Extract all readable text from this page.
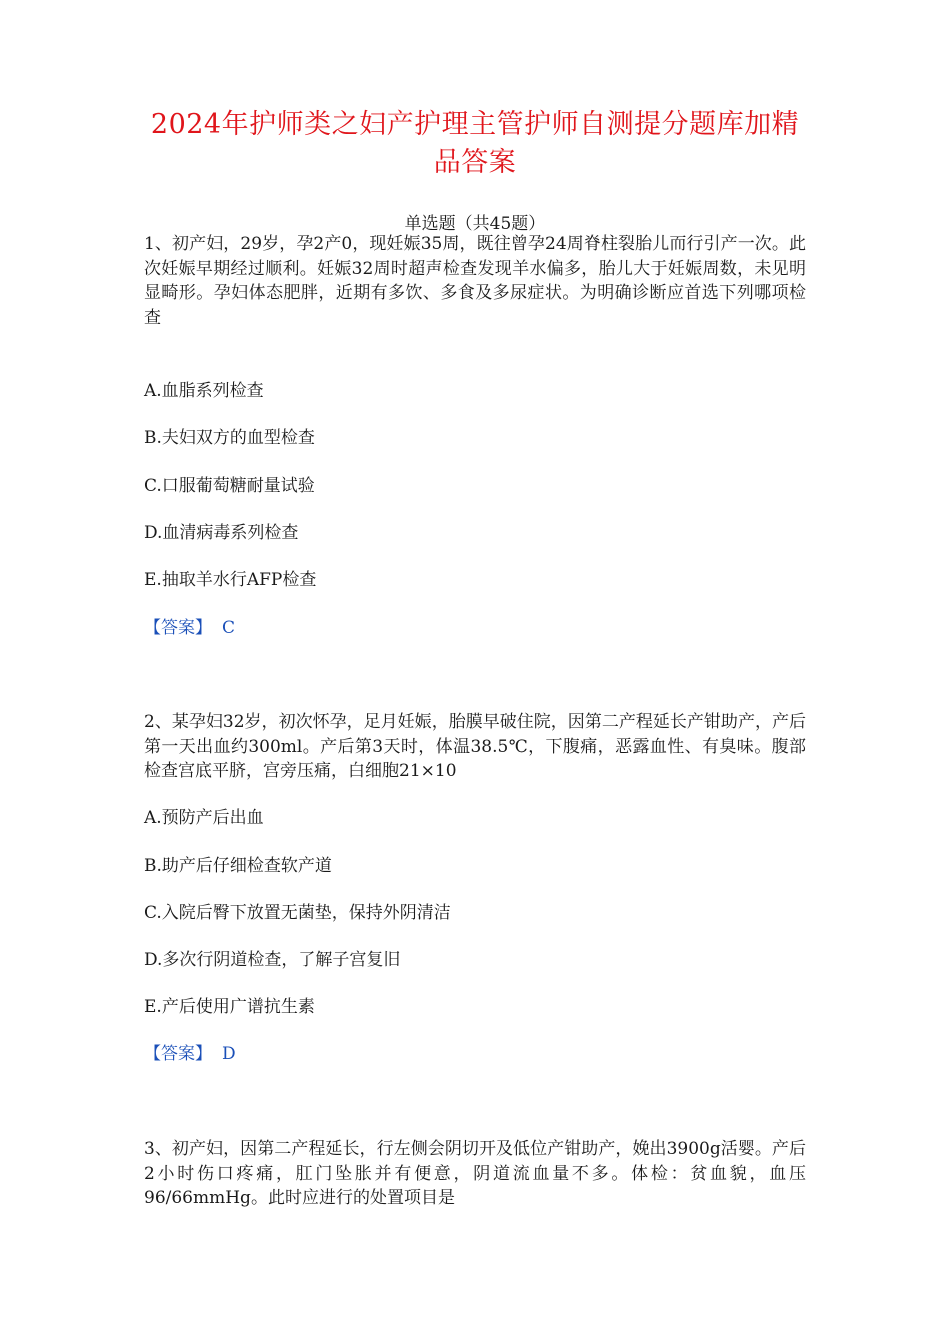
2024年护师类之妇产护理主管护师自测提分题库加精品答案
单选题（共45题）
1、初产妇，29岁，孕2产0，现妊娠35周，既往曾孕24周脊柱裂胎儿而行引产一次。此次妊娠早期经过顺利。妊娠32周时超声检查发现羊水偏多，胎儿大于妊娠周数，未见明显畸形。孕妇体态肥胖，近期有多饮、多食及多尿症状。为明确诊断应首选下列哪项检查
A.血脂系列检查
B.夫妇双方的血型检查
C.口服葡萄糖耐量试验
D.血清病毒系列检查
E.抽取羊水行AFP检查
【答案】 C
2、某孕妇32岁，初次怀孕，足月妊娠，胎膜早破住院，因第二产程延长产钳助产，产后第一天出血约300ml。产后第3天时，体温38.5℃，下腹痛，恶露血性、有臭味。腹部检查宫底平脐，宫旁压痛，白细胞21×10
A.预防产后出血
B.助产后仔细检查软产道
C.入院后臀下放置无菌垫，保持外阴清洁
D.多次行阴道检查，了解子宫复旧
E.产后使用广谱抗生素
【答案】 D
3、初产妇，因第二产程延长，行左侧会阴切开及低位产钳助产，娩出3900g活婴。产后2小时伤口疼痛，肛门坠胀并有便意，阴道流血量不多。体检：贫血貌，血压96/66mmHg。此时应进行的处置项目是
